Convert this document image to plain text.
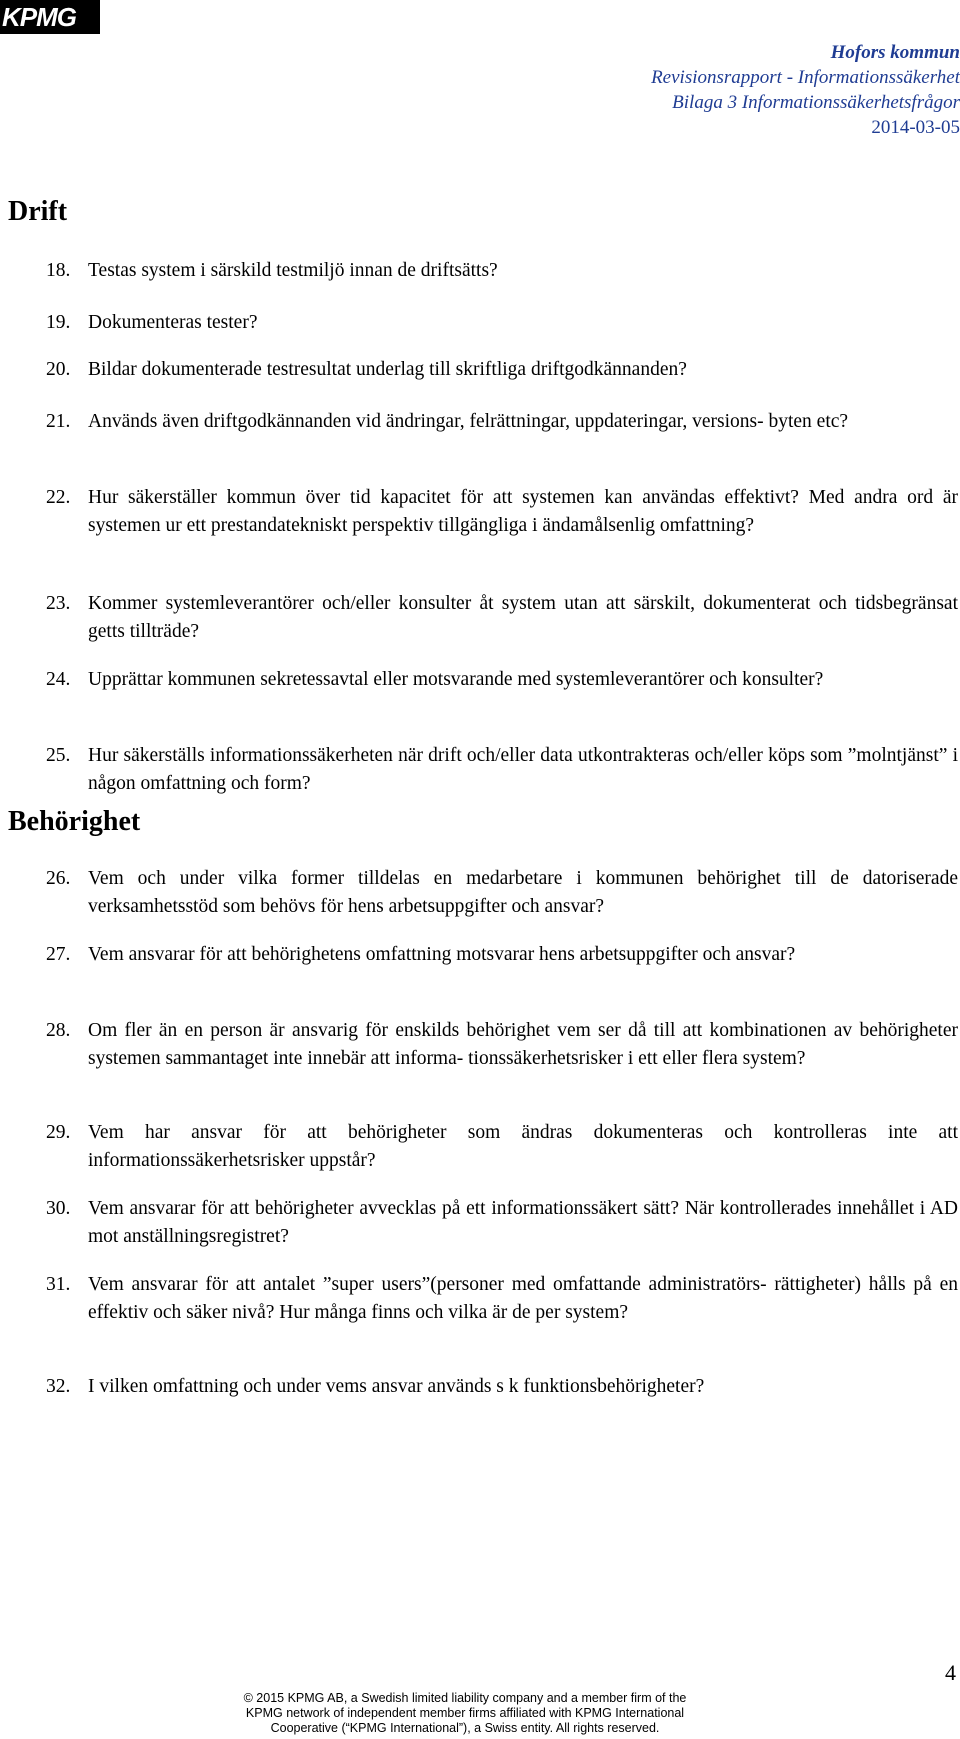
KPMG
Hofors kommun
Revisionsrapport - Informationssäkerhet
Bilaga 3 Informationssäkerhetsfrågor
2014-03-05
Drift
18. Testas system i särskild testmiljö innan de driftsätts?
19. Dokumenteras tester?
20. Bildar dokumenterade testresultat underlag till skriftliga driftgodkännanden?
21. Används även driftgodkännanden vid ändringar, felrättningar, uppdateringar, versions- byten etc?
22. Hur säkerställer kommun över tid kapacitet för att systemen kan användas effektivt? Med andra ord är systemen ur ett prestandatekniskt perspektiv tillgängliga i ändamålsenlig omfattning?
23. Kommer systemleverantörer och/eller konsulter åt system utan att särskilt, dokumenterat och tidsbegränsat getts tillträde?
24. Upprättar kommunen sekretessavtal eller motsvarande med systemleverantörer och konsulter?
25. Hur säkerställs informationssäkerheten när drift och/eller data utkontrakteras och/eller köps som ”molntjänst” i någon omfattning och form?
Behörighet
26. Vem och under vilka former tilldelas en medarbetare i kommunen behörighet till de datoriserade verksamhetsstöd som behövs för hens arbetsuppgifter och ansvar?
27. Vem ansvarar för att behörighetens omfattning motsvarar hens arbetsuppgifter och ansvar?
28. Om fler än en person är ansvarig för enskilds behörighet vem ser då till att kombinationen av behörigheter systemen sammantaget inte innebär att informa- tionssäkerhetsrisker i ett eller flera system?
29. Vem har ansvar för att behörigheter som ändras dokumenteras och kontrolleras inte att informationssäkerhetsrisker uppstår?
30. Vem ansvarar för att behörigheter avvecklas på ett informationssäkert sätt? När kontrollerades innehållet i AD mot anställningsregistret?
31. Vem ansvarar för att antalet ”super users”(personer med omfattande administratörs- rättigheter) hålls på en effektiv och säker nivå? Hur många finns och vilka är de per system?
32. I vilken omfattning och under vems ansvar används s k funktionsbehörigheter?
4
© 2015 KPMG AB, a Swedish limited liability company and a member firm of the
KPMG network of independent member firms affiliated with KPMG International
Cooperative (“KPMG International”), a Swiss entity. All rights reserved.
